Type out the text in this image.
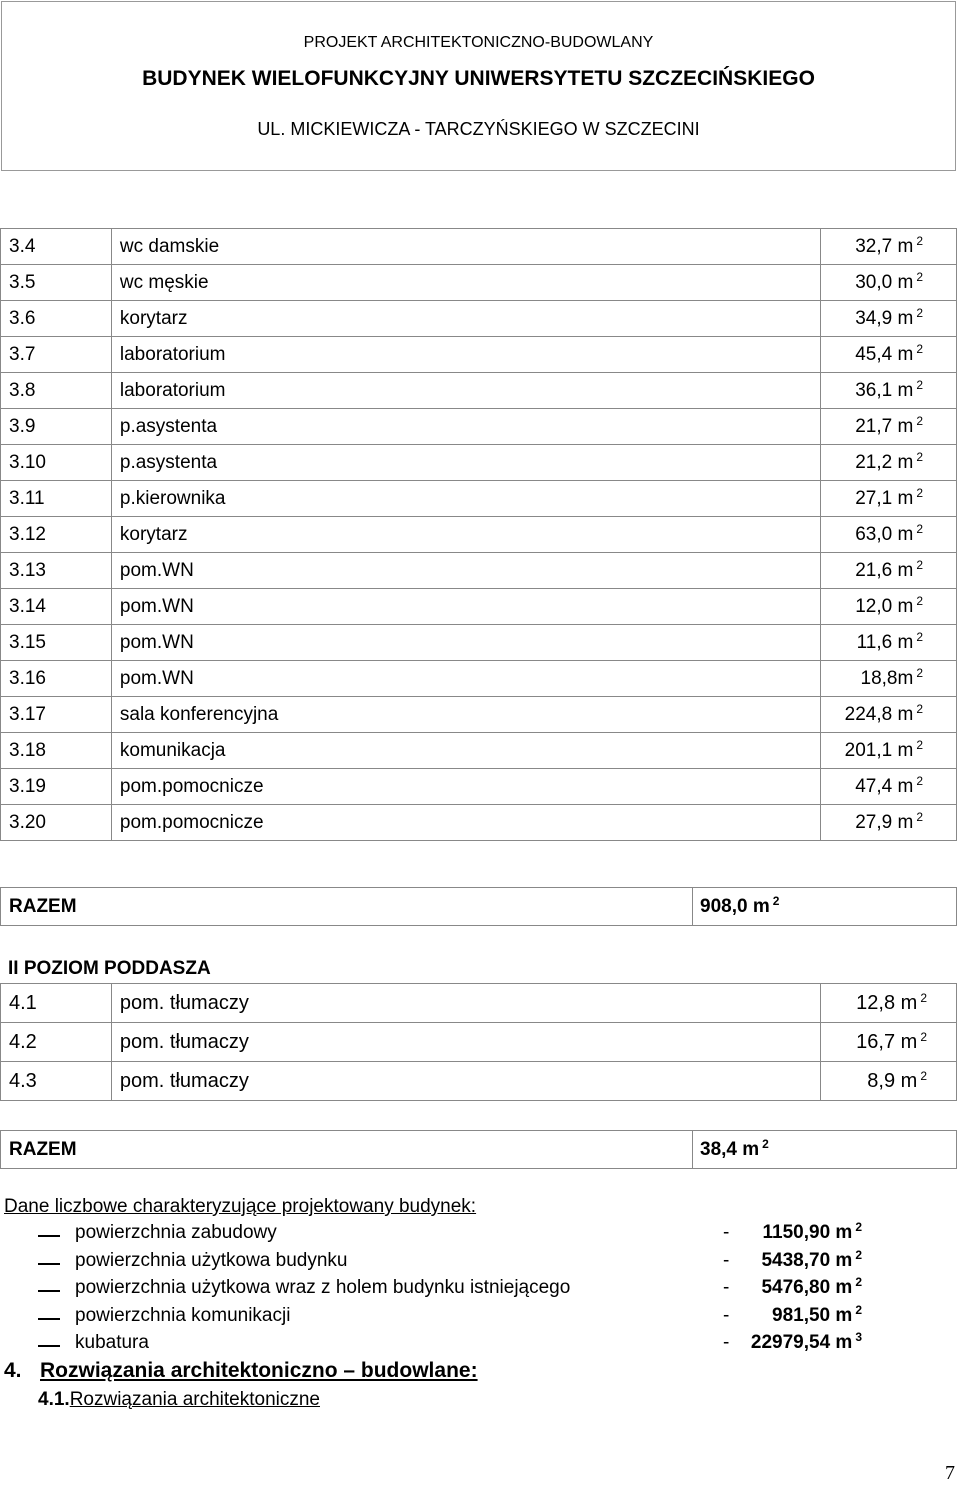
PROJEKT ARCHITEKTONICZNO-BUDOWLANY
BUDYNEK WIELOFUNKCYJNY UNIWERSYTETU SZCZECIŃSKIEGO
UL. MICKIEWICZA - TARCZYŃSKIEGO W SZCZECINI
3.4	wc damskie	32,7 m $^2$
3.5	wc męskie	30,0 m $^2$
3.6	korytarz	34,9 m $^2$
3.7	laboratorium	45,4 m $^2$
3.8	laboratorium	36,1 m $^2$
3.9	p.asystenta	21,7 m $^2$
3.10	p.asystenta	21,2 m $^2$
3.11	p.kierownika	27,1 m $^2$
3.12	korytarz	63,0 m $^2$
3.13	pom.WN	21,6 m $^2$
3.14	pom.WN	12,0 m $^2$
3.15	pom.WN	11,6 m $^2$
3.16	pom.WN	18,8m $^2$
3.17	sala konferencyjna	224,8 m $^2$
3.18	komunikacja	201,1 m $^2$
3.19	pom.pomocnicze	47,4 m $^2$
3.20	pom.pomocnicze	27,9 m $^2$
RAZEM	908,0 m $^2$
II POZIOM PODDASZA
4.1	pom. tłumaczy	12,8 m $^2$
4.2	pom. tłumaczy	16,7 m $^2$
4.3	pom. tłumaczy	8,9 m $^2$
RAZEM	38,4 m $^2$
Dane liczbowe charakteryzujące projektowany budynek:
powierzchnia zabudowy	-	1150,90 m $^2$
powierzchnia użytkowa budynku	-	5438,70 m $^2$
powierzchnia użytkowa wraz z holem budynku istniejącego	-	5476,80 m $^2$
powierzchnia komunikacji	-	981,50 m $^2$
kubatura	-	22979,54 m $^3$
4. Rozwiązania architektoniczno – budowlane:
4.1.Rozwiązania architektoniczne
7
